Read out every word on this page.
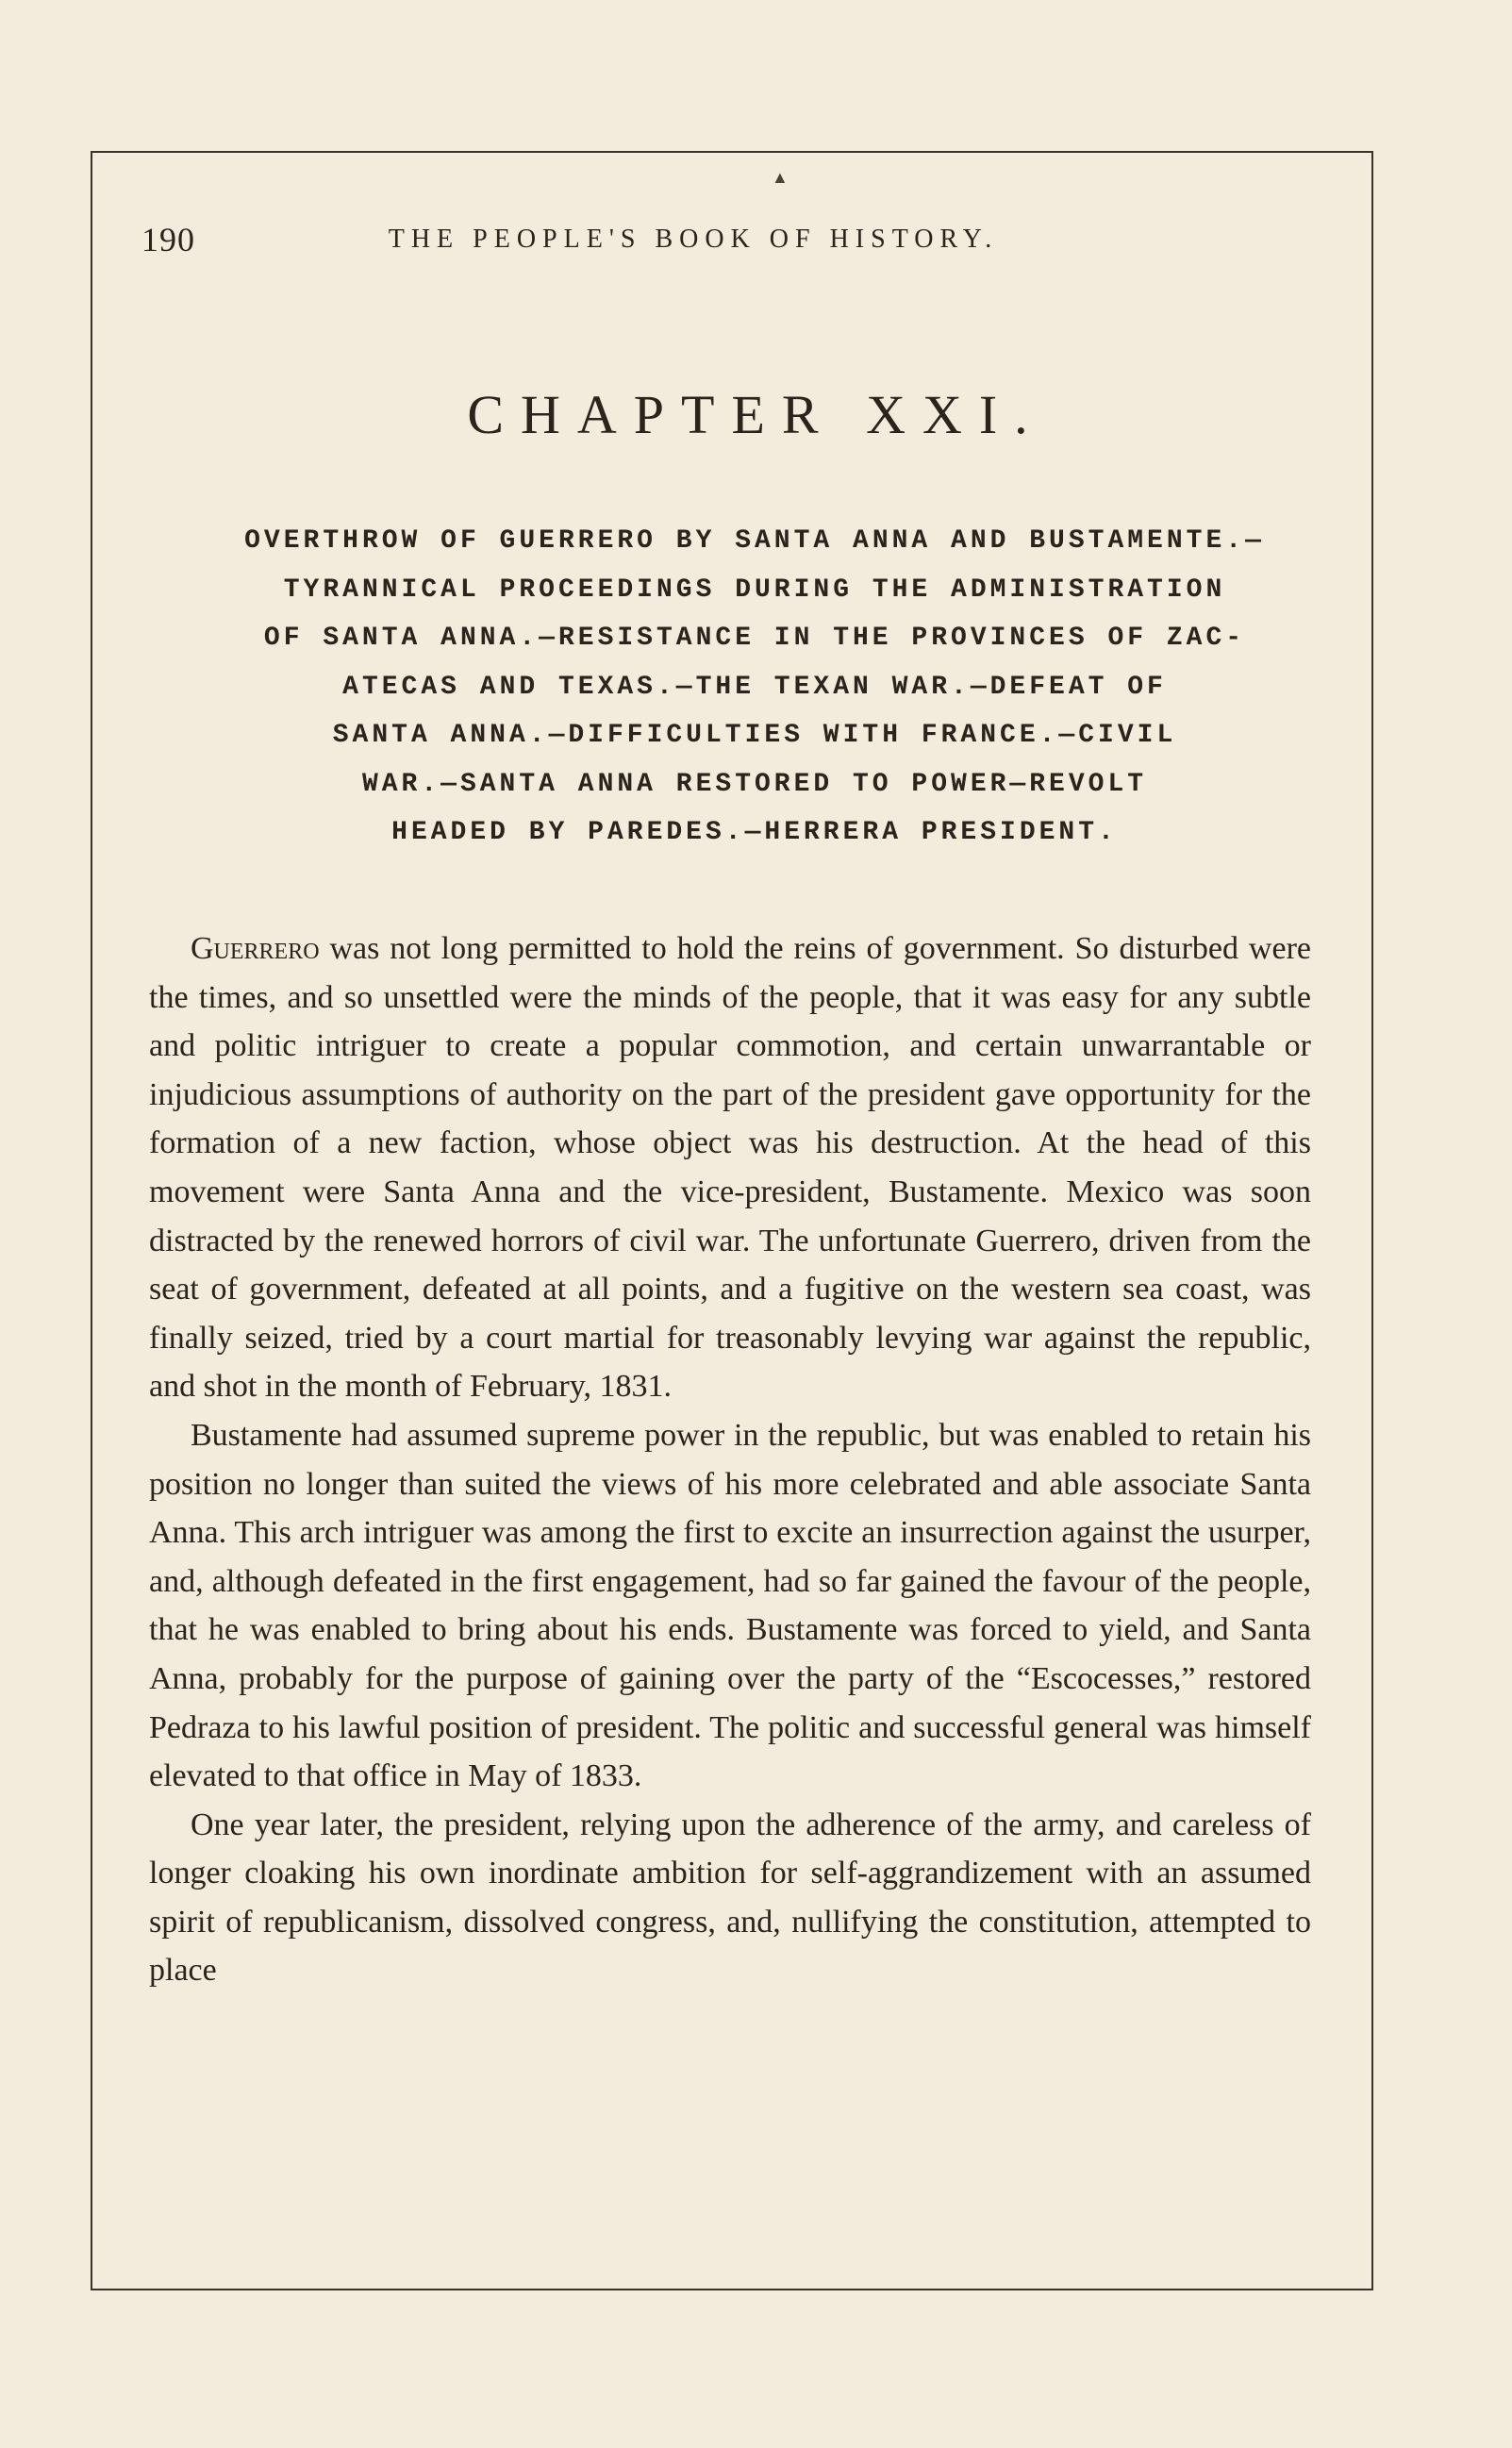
▲
190	THE PEOPLE'S BOOK OF HISTORY.
CHAPTER XXI.
OVERTHROW OF GUERRERO BY SANTA ANNA AND BUSTAMENTE.—
TYRANNICAL PROCEEDINGS DURING THE ADMINISTRATION
OF SANTA ANNA.—RESISTANCE IN THE PROVINCES OF ZAC-
ATECAS AND TEXAS.—THE TEXAN WAR.—DEFEAT OF
SANTA ANNA.—DIFFICULTIES WITH FRANCE.—CIVIL
WAR.—SANTA ANNA RESTORED TO POWER—REVOLT
HEADED BY PAREDES.—HERRERA PRESIDENT.

Guerrero was not long permitted to hold the reins of government. So disturbed were the times, and so unsettled were the minds of the people, that it was easy for any subtle and politic intriguer to create a popular commotion, and certain unwarrantable or injudicious assumptions of authority on the part of the president gave opportunity for the formation of a new faction, whose object was his destruction. At the head of this movement were Santa Anna and the vice-president, Bustamente. Mexico was soon distracted by the renewed horrors of civil war. The unfortunate Guerrero, driven from the seat of government, defeated at all points, and a fugitive on the western sea coast, was finally seized, tried by a court martial for treasonably levying war against the republic, and shot in the month of February, 1831.

Bustamente had assumed supreme power in the republic, but was enabled to retain his position no longer than suited the views of his more celebrated and able associate Santa Anna. This arch intriguer was among the first to excite an insurrection against the usurper, and, although defeated in the first engagement, had so far gained the favour of the people, that he was enabled to bring about his ends. Bustamente was forced to yield, and Santa Anna, probably for the purpose of gaining over the party of the “Escocesses,” restored Pedraza to his lawful position of president. The politic and successful general was himself elevated to that office in May of 1833.

One year later, the president, relying upon the adherence of the army, and careless of longer cloaking his own inordinate ambition for self-aggrandizement with an assumed spirit of republicanism, dissolved congress, and, nullifying the constitution, attempted to place
